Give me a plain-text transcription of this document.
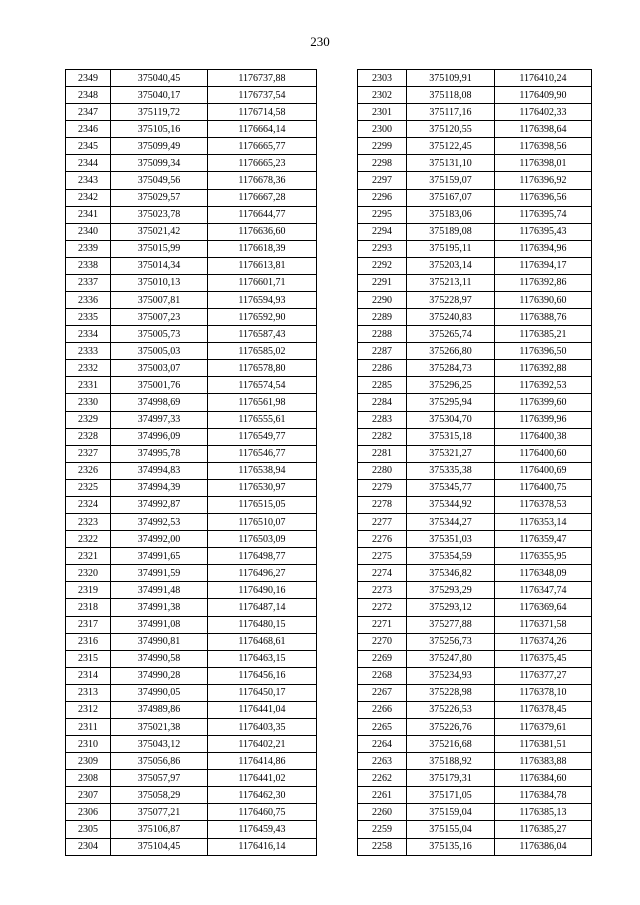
230
2349	375040,45	1176737,88
2348	375040,17	1176737,54
2347	375119,72	1176714,58
2346	375105,16	1176664,14
2345	375099,49	1176665,77
2344	375099,34	1176665,23
2343	375049,56	1176678,36
2342	375029,57	1176667,28
2341	375023,78	1176644,77
2340	375021,42	1176636,60
2339	375015,99	1176618,39
2338	375014,34	1176613,81
2337	375010,13	1176601,71
2336	375007,81	1176594,93
2335	375007,23	1176592,90
2334	375005,73	1176587,43
2333	375005,03	1176585,02
2332	375003,07	1176578,80
2331	375001,76	1176574,54
2330	374998,69	1176561,98
2329	374997,33	1176555,61
2328	374996,09	1176549,77
2327	374995,78	1176546,77
2326	374994,83	1176538,94
2325	374994,39	1176530,97
2324	374992,87	1176515,05
2323	374992,53	1176510,07
2322	374992,00	1176503,09
2321	374991,65	1176498,77
2320	374991,59	1176496,27
2319	374991,48	1176490,16
2318	374991,38	1176487,14
2317	374991,08	1176480,15
2316	374990,81	1176468,61
2315	374990,58	1176463,15
2314	374990,28	1176456,16
2313	374990,05	1176450,17
2312	374989,86	1176441,04
2311	375021,38	1176403,35
2310	375043,12	1176402,21
2309	375056,86	1176414,86
2308	375057,97	1176441,02
2307	375058,29	1176462,30
2306	375077,21	1176460,75
2305	375106,87	1176459,43
2304	375104,45	1176416,14
2303	375109,91	1176410,24
2302	375118,08	1176409,90
2301	375117,16	1176402,33
2300	375120,55	1176398,64
2299	375122,45	1176398,56
2298	375131,10	1176398,01
2297	375159,07	1176396,92
2296	375167,07	1176396,56
2295	375183,06	1176395,74
2294	375189,08	1176395,43
2293	375195,11	1176394,96
2292	375203,14	1176394,17
2291	375213,11	1176392,86
2290	375228,97	1176390,60
2289	375240,83	1176388,76
2288	375265,74	1176385,21
2287	375266,80	1176396,50
2286	375284,73	1176392,88
2285	375296,25	1176392,53
2284	375295,94	1176399,60
2283	375304,70	1176399,96
2282	375315,18	1176400,38
2281	375321,27	1176400,60
2280	375335,38	1176400,69
2279	375345,77	1176400,75
2278	375344,92	1176378,53
2277	375344,27	1176353,14
2276	375351,03	1176359,47
2275	375354,59	1176355,95
2274	375346,82	1176348,09
2273	375293,29	1176347,74
2272	375293,12	1176369,64
2271	375277,88	1176371,58
2270	375256,73	1176374,26
2269	375247,80	1176375,45
2268	375234,93	1176377,27
2267	375228,98	1176378,10
2266	375226,53	1176378,45
2265	375226,76	1176379,61
2264	375216,68	1176381,51
2263	375188,92	1176383,88
2262	375179,31	1176384,60
2261	375171,05	1176384,78
2260	375159,04	1176385,13
2259	375155,04	1176385,27
2258	375135,16	1176386,04
